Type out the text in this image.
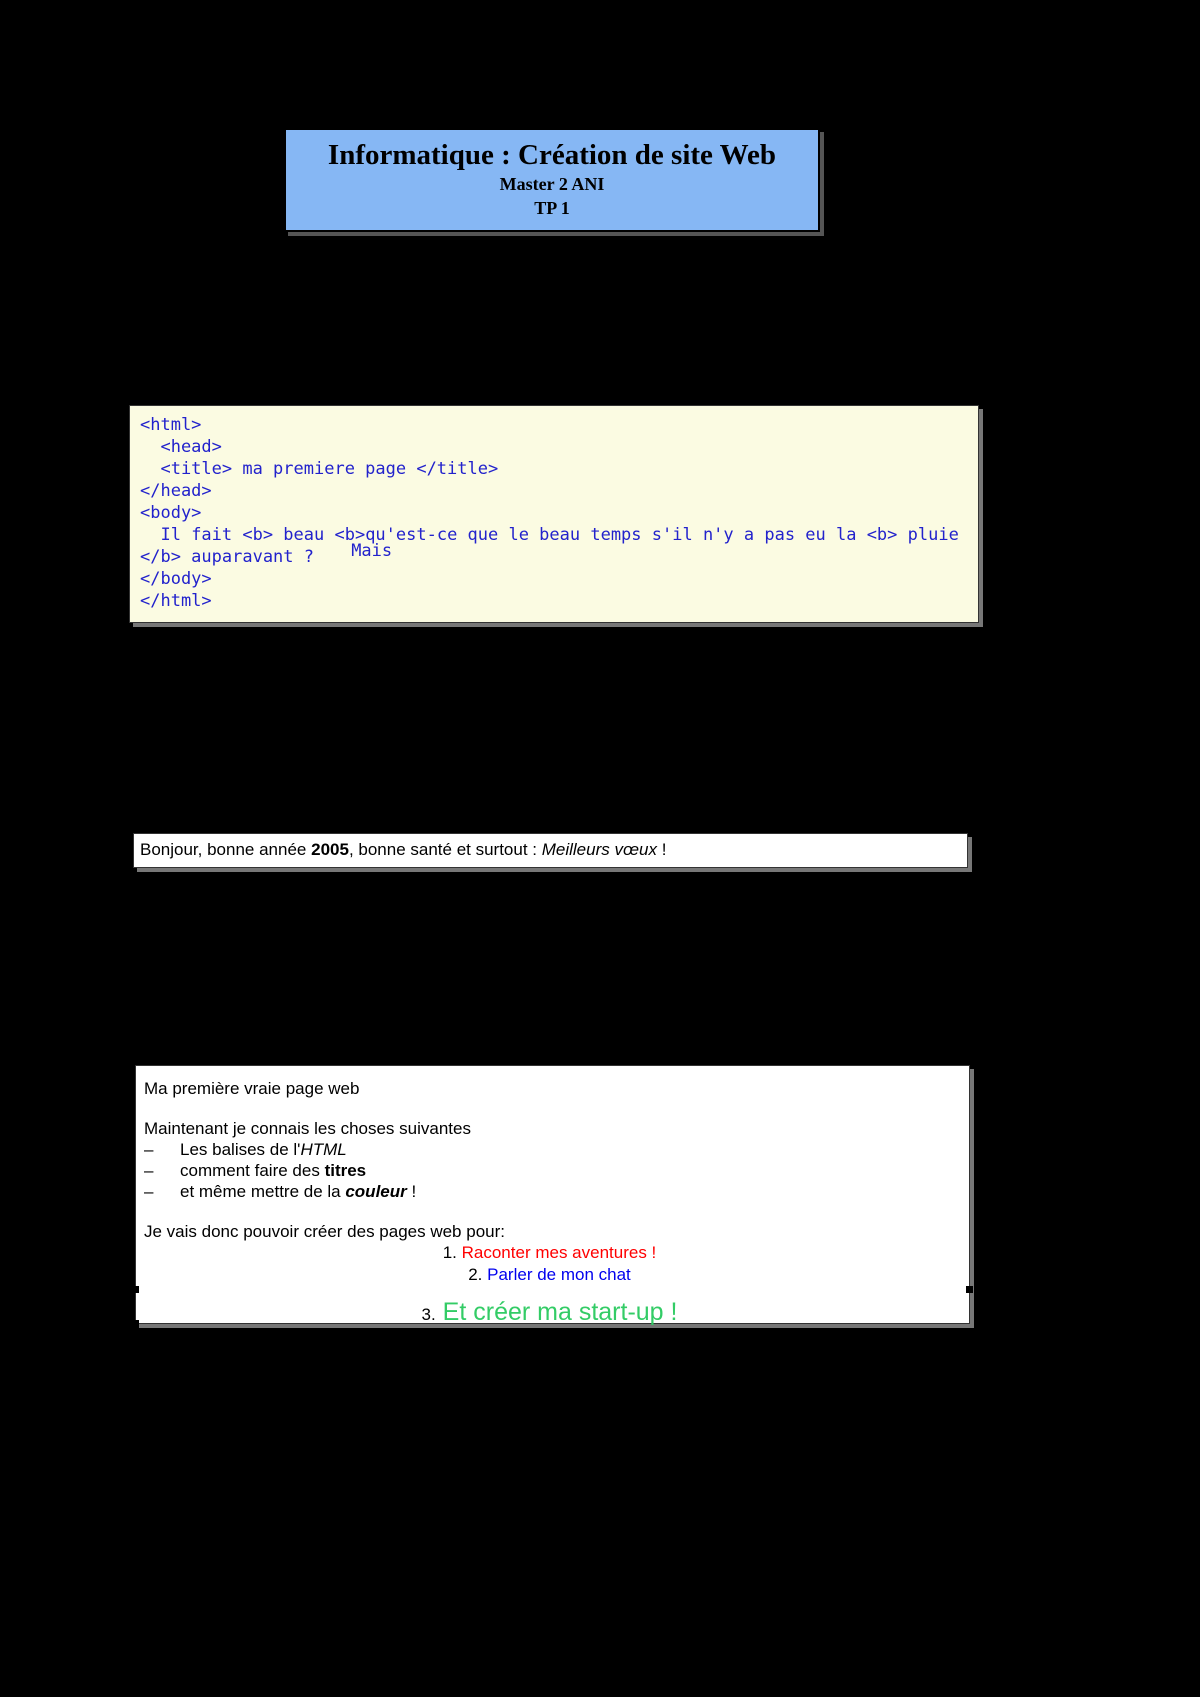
Informatique : Création de site Web
Master 2 ANI
TP 1
<html>
<head>
<title> ma premiere page </title>
</head>
<body>
Il fait <b> beau <b>
Mais
qu'est-ce que le beau temps s'il n'y a pas eu la <b> pluie </b> auparavant ?
</body>
</html>
Bonjour, bonne année 2005, bonne santé et surtout : Meilleurs vœux !
Ma première vraie page web
Maintenant je connais les choses suivantes
–	Les balises de l'HTML
–	comment faire des titres
–	et même mettre de la couleur !
Je vais donc pouvoir créer des pages web pour:
1. Raconter mes aventures !
2. Parler de mon chat
3. Et créer ma start-up !
